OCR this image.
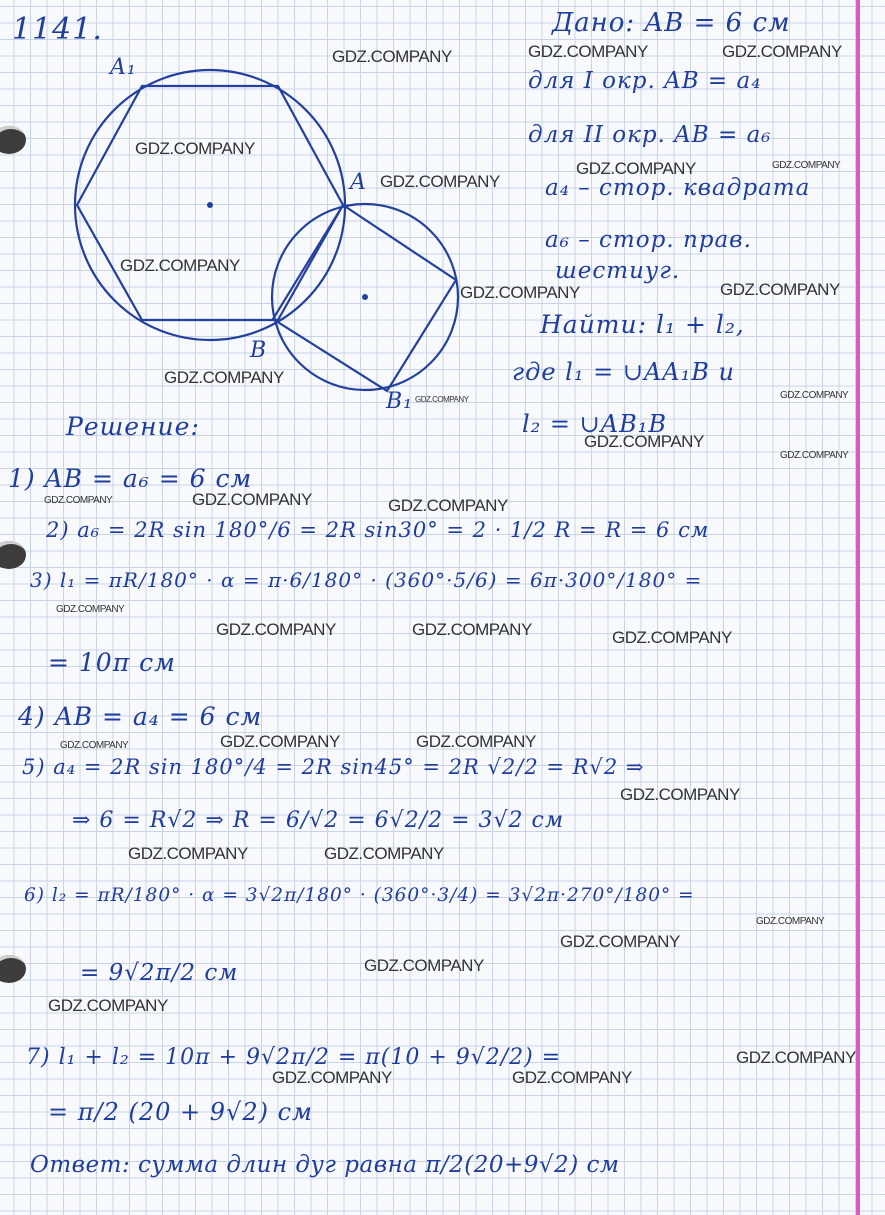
A₁
A
B
B₁
1141.	Дано: AB = 6 см
для I окр. AB = a₄
для II окр. AB = a₆
a₄ – стор. квадрата
a₆ – стор. прав.
шестиуг.
Найти: l₁ + l₂,
где l₁ = ∪AA₁B и
l₂ = ∪AB₁B
Решение:
1) AB = a₆ = 6 см
2) a₆ = 2R sin 180°/6 = 2R sin30° = 2 · 1/2 R = R = 6 см
3) l₁ = πR/180° · α = π·6/180° · (360°·5/6) = 6π·300°/180° =
= 10π см
4) AB = a₄ = 6 см
5) a₄ = 2R sin 180°/4 = 2R sin45° = 2R √2/2 = R√2 ⇒
⇒ 6 = R√2 ⇒ R = 6/√2 = 6√2/2 = 3√2 см
6) l₂ = πR/180° · α = 3√2π/180° · (360°·3/4) = 3√2π·270°/180° =
= 9√2π/2 см
7) l₁ + l₂ = 10π + 9√2π/2 = π(10 + 9√2/2) =
= π/2 (20 + 9√2) см
Ответ: сумма длин дуг равна π/2(20+9√2) см
GDZ.COMPANY	GDZ.COMPANY	GDZ.COMPANY
GDZ.COMPANY
GDZ.COMPANY	GDZ.COMPANY
GDZ.COMPANY
GDZ.COMPANY
GDZ.COMPANY	GDZ.COMPANY
GDZ.COMPANY
GDZ.COMPANY
GDZ.COMPANY
GDZ.COMPANY
GDZ.COMPANY
GDZ.COMPANY	GDZ.COMPANY	GDZ.COMPANY
GDZ.COMPANY
GDZ.COMPANY	GDZ.COMPANY	GDZ.COMPANY
GDZ.COMPANY	GDZ.COMPANY	GDZ.COMPANY
GDZ.COMPANY
GDZ.COMPANY	GDZ.COMPANY
GDZ.COMPANY
GDZ.COMPANY
GDZ.COMPANY
GDZ.COMPANY
GDZ.COMPANY
GDZ.COMPANY	GDZ.COMPANY
